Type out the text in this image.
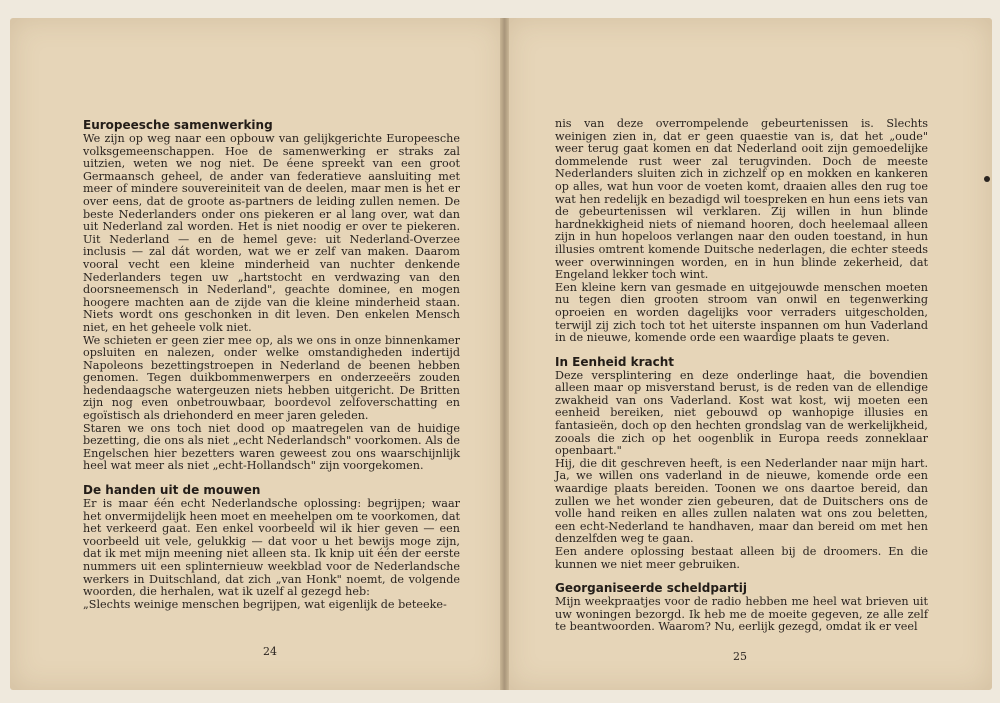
Europeesche samenwerking

We zijn op weg naar een opbouw van gelijkgerichte Europeesche volksgemeenschappen. Hoe de samenwerking er straks zal uitzien, weten we nog niet. De éene spreekt van een groot Germaansch geheel, de ander van federatieve aansluiting met meer of mindere souvereiniteit van de deelen, maar men is het er over eens, dat de groote as-partners de leiding zullen nemen. De beste Nederlanders onder ons piekeren er al lang over, wat dan uit Nederland zal worden. Het is niet noodig er over te piekeren. Uit Nederland — en de hemel geve: uit Nederland-Overzee inclusis — zal dát worden, wat we er zelf van maken. Daarom vooral vecht een kleine minderheid van nuchter denkende Nederlanders tegen uw „hartstocht en verdwazing van den doorsneemensch in Nederland", geachte dominee, en mogen hoogere machten aan de zijde van die kleine minderheid staan. Niets wordt ons geschonken in dit leven. Den enkelen Mensch niet, en het geheele volk niet.

We schieten er geen zier mee op, als we ons in onze binnenkamer opsluiten en nalezen, onder welke omstandigheden indertijd Napoleons bezettingstroepen in Nederland de beenen hebben genomen. Tegen duikbommenwerpers en onderzeeërs zouden hedendaagsche watergeuzen niets hebben uitgericht. De Britten zijn nog even onbetrouwbaar, boordevol zelfoverschatting en egoïstisch als driehonderd en meer jaren geleden.

Staren we ons toch niet dood op maatregelen van de huidige bezetting, die ons als niet „echt Nederlandsch" voorkomen. Als de Engelschen hier bezetters waren geweest zou ons waarschijnlijk heel wat meer als niet „echt-Hollandsch" zijn voorgekomen.

De handen uit de mouwen

Er is maar één echt Nederlandsche oplossing: begrijpen; waar het onvermijdelijk heen moet en meehelpen om te voorkomen, dat het verkeerd gaat. Een enkel voorbeeld wil ik hier geven — een voorbeeld uit vele, gelukkig — dat voor u het bewijs moge zijn, dat ik met mijn meening niet alleen sta. Ik knip uit één der eerste nummers uit een splinternieuw weekblad voor de Nederlandsche werkers in Duitschland, dat zich „van Honk" noemt, de volgende woorden, die herhalen, wat ik uzelf al gezegd heb:

„Slechts weinige menschen begrijpen, wat eigenlijk de beteeke-

24

nis van deze overrompelende gebeurtenissen is. Slechts weinigen zien in, dat er geen quaestie van is, dat het „oude" weer terug gaat komen en dat Nederland ooit zijn gemoedelijke dommelende rust weer zal terugvinden. Doch de meeste Nederlanders sluiten zich in zichzelf op en mokken en kankeren op alles, wat hun voor de voeten komt, draaien alles den rug toe wat hen redelijk en bezadigd wil toespreken en hun eens iets van de gebeurtenissen wil verklaren. Zij willen in hun blinde hardnekkigheid niets of niemand hooren, doch heelemaal alleen zijn in hun hopeloos verlangen naar den ouden toestand, in hun illusies omtrent komende Duitsche nederlagen, die echter steeds weer overwinningen worden, en in hun blinde zekerheid, dat Engeland lekker toch wint.

Een kleine kern van gesmade en uitgejouwde menschen moeten nu tegen dien grooten stroom van onwil en tegenwerking oproeien en worden dagelijks voor verraders uitgescholden, terwijl zij zich toch tot het uiterste inspannen om hun Vaderland in de nieuwe, komende orde een waardige plaats te geven.

In Eenheid kracht

Deze versplintering en deze onderlinge haat, die bovendien alleen maar op misverstand berust, is de reden van de ellendige zwakheid van ons Vaderland. Kost wat kost, wij moeten een eenheid bereiken, niet gebouwd op wanhopige illusies en fantasieën, doch op den hechten grondslag van de werkelijkheid, zooals die zich op het oogenblik in Europa reeds zonneklaar openbaart."

Hij, die dit geschreven heeft, is een Nederlander naar mijn hart. Ja, we willen ons vaderland in de nieuwe, komende orde een waardige plaats bereiden. Toonen we ons daartoe bereid, dan zullen we het wonder zien gebeuren, dat de Duitschers ons de volle hand reiken en alles zullen nalaten wat ons zou beletten, een echt-Nederland te handhaven, maar dan bereid om met hen denzelfden weg te gaan.

Een andere oplossing bestaat alleen bij de droomers. En die kunnen we niet meer gebruiken.

Georganiseerde scheldpartij

Mijn weekpraatjes voor de radio hebben me heel wat brieven uit uw woningen bezorgd. Ik heb me de moeite gegeven, ze alle zelf te beantwoorden. Waarom? Nu, eerlijk gezegd, omdat ik er veel

25
